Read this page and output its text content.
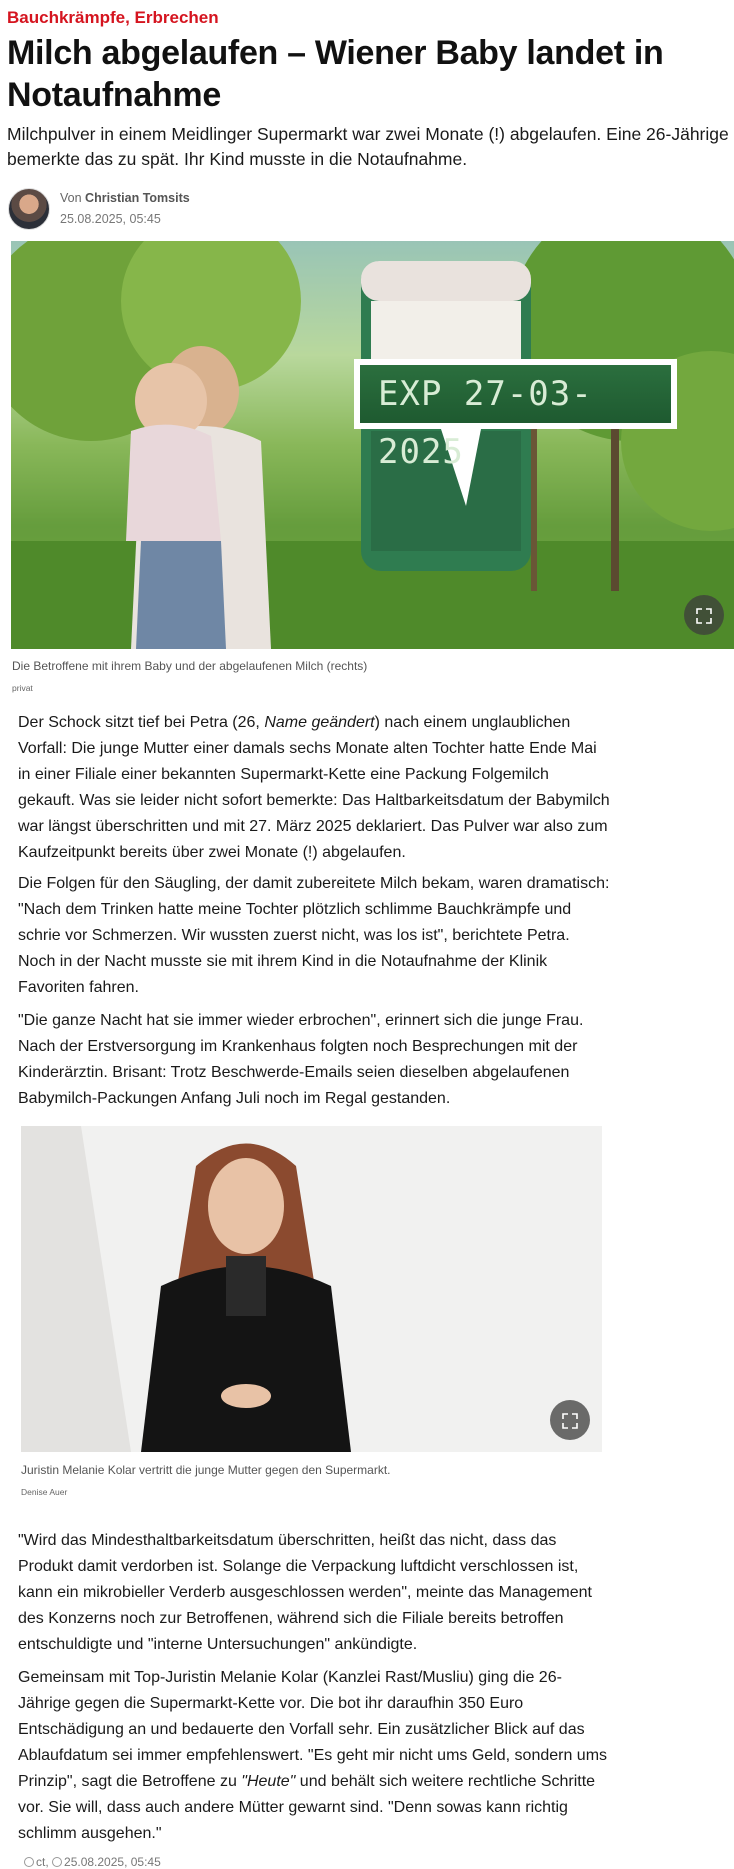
Bauchkrämpfe, Erbrechen
Milch abgelaufen – Wiener Baby landet in Notaufnahme

Milchpulver in einem Meidlinger Supermarkt war zwei Monate (!) abgelaufen. Eine 26-Jährige bemerkte das zu spät. Ihr Kind musste in die Notaufnahme.

Von Christian Tomsits
25.08.2025, 05:45
EXP 27-03-2025
Die Betroffene mit ihrem Baby und der abgelaufenen Milch (rechts)
privat

Der Schock sitzt tief bei Petra (26, Name geändert) nach einem unglaublichen Vorfall: Die junge Mutter einer damals sechs Monate alten Tochter hatte Ende Mai in einer Filiale einer bekannten Supermarkt-Kette eine Packung Folgemilch gekauft. Was sie leider nicht sofort bemerkte: Das Haltbarkeitsdatum der Babymilch war längst überschritten und mit 27. März 2025 deklariert. Das Pulver war also zum Kaufzeitpunkt bereits über zwei Monate (!) abgelaufen.

Die Folgen für den Säugling, der damit zubereitete Milch bekam, waren dramatisch: "Nach dem Trinken hatte meine Tochter plötzlich schlimme Bauchkrämpfe und schrie vor Schmerzen. Wir wussten zuerst nicht, was los ist", berichtete Petra. Noch in der Nacht musste sie mit ihrem Kind in die Notaufnahme der Klinik Favoriten fahren.

"Die ganze Nacht hat sie immer wieder erbrochen", erinnert sich die junge Frau. Nach der Erstversorgung im Krankenhaus folgten noch Besprechungen mit der Kinderärztin. Brisant: Trotz Beschwerde-Emails seien dieselben abgelaufenen Babymilch-Packungen Anfang Juli noch im Regal gestanden.

Juristin Melanie Kolar vertritt die junge Mutter gegen den Supermarkt.
Denise Auer

"Wird das Mindesthaltbarkeitsdatum überschritten, heißt das nicht, dass das Produkt damit verdorben ist. Solange die Verpackung luftdicht verschlossen ist, kann ein mikrobieller Verderb ausgeschlossen werden", meinte das Management des Konzerns noch zur Betroffenen, während sich die Filiale bereits betroffen entschuldigte und "interne Untersuchungen" ankündigte.

Gemeinsam mit Top-Juristin Melanie Kolar (Kanzlei Rast/Musliu) ging die 26-Jährige gegen die Supermarkt-Kette vor. Die bot ihr daraufhin 350 Euro Entschädigung an und bedauerte den Vorfall sehr. Ein zusätzlicher Blick auf das Ablaufdatum sei immer empfehlenswert. "Es geht mir nicht ums Geld, sondern ums Prinzip", sagt die Betroffene zu "Heute" und behält sich weitere rechtliche Schritte vor. Sie will, dass auch andere Mütter gewarnt sind. "Denn sowas kann richtig schlimm ausgehen."

ct, 25.08.2025, 05:45
